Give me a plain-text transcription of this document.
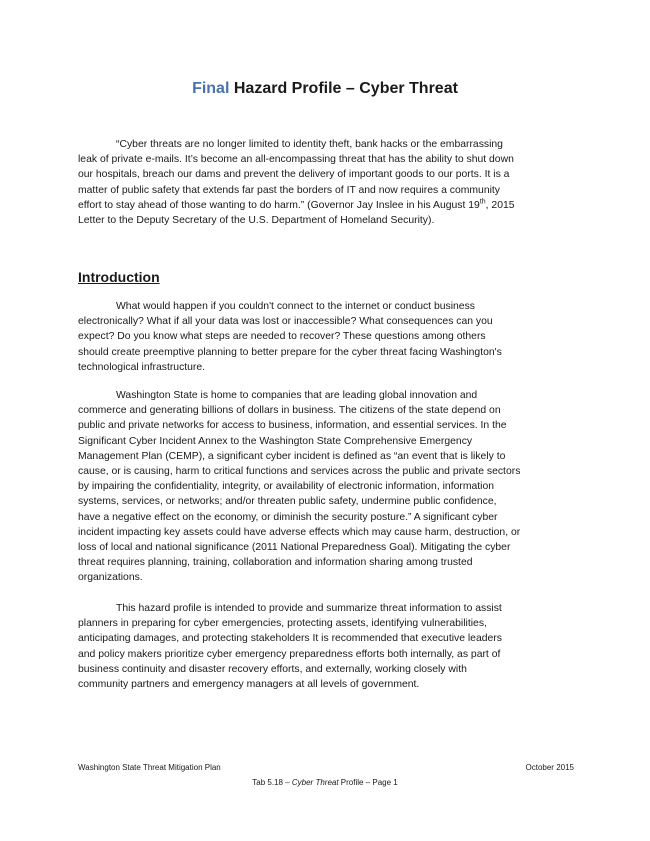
Final Hazard Profile – Cyber Threat
“Cyber threats are no longer limited to identity theft, bank hacks or the embarrassing
leak of private e-mails. It’s become an all-encompassing threat that has the ability to shut down
our hospitals, breach our dams and prevent the delivery of important goods to our ports. It is a
matter of public safety that extends far past the borders of IT and now requires a community
effort to stay ahead of those wanting to do harm.” (Governor Jay Inslee in his August 19th, 2015
Letter to the Deputy Secretary of the U.S. Department of Homeland Security).
Introduction
What would happen if you couldn't connect to the internet or conduct business
electronically? What if all your data was lost or inaccessible? What consequences can you
expect? Do you know what steps are needed to recover? These questions among others
should create preemptive planning to better prepare for the cyber threat facing Washington's
technological infrastructure.
Washington State is home to companies that are leading global innovation and
commerce and generating billions of dollars in business. The citizens of the state depend on
public and private networks for access to business, information, and essential services. In the
Significant Cyber Incident Annex to the Washington State Comprehensive Emergency
Management Plan (CEMP), a significant cyber incident is defined as “an event that is likely to
cause, or is causing, harm to critical functions and services across the public and private sectors
by impairing the confidentiality, integrity, or availability of electronic information, information
systems, services, or networks; and/or threaten public safety, undermine public confidence,
have a negative effect on the economy, or diminish the security posture.” A significant cyber
incident impacting key assets could have adverse effects which may cause harm, destruction, or
loss of local and national significance (2011 National Preparedness Goal). Mitigating the cyber
threat requires planning, training, collaboration and information sharing among trusted
organizations.
This hazard profile is intended to provide and summarize threat information to assist
planners in preparing for cyber emergencies, protecting assets, identifying vulnerabilities,
anticipating damages, and protecting stakeholders It is recommended that executive leaders
and policy makers prioritize cyber emergency preparedness efforts both internally, as part of
business continuity and disaster recovery efforts, and externally, working closely with
community partners and emergency managers at all levels of government.
Washington State Threat Mitigation Plan	October 2015
Tab 5.18 – Cyber Threat Profile – Page 1
